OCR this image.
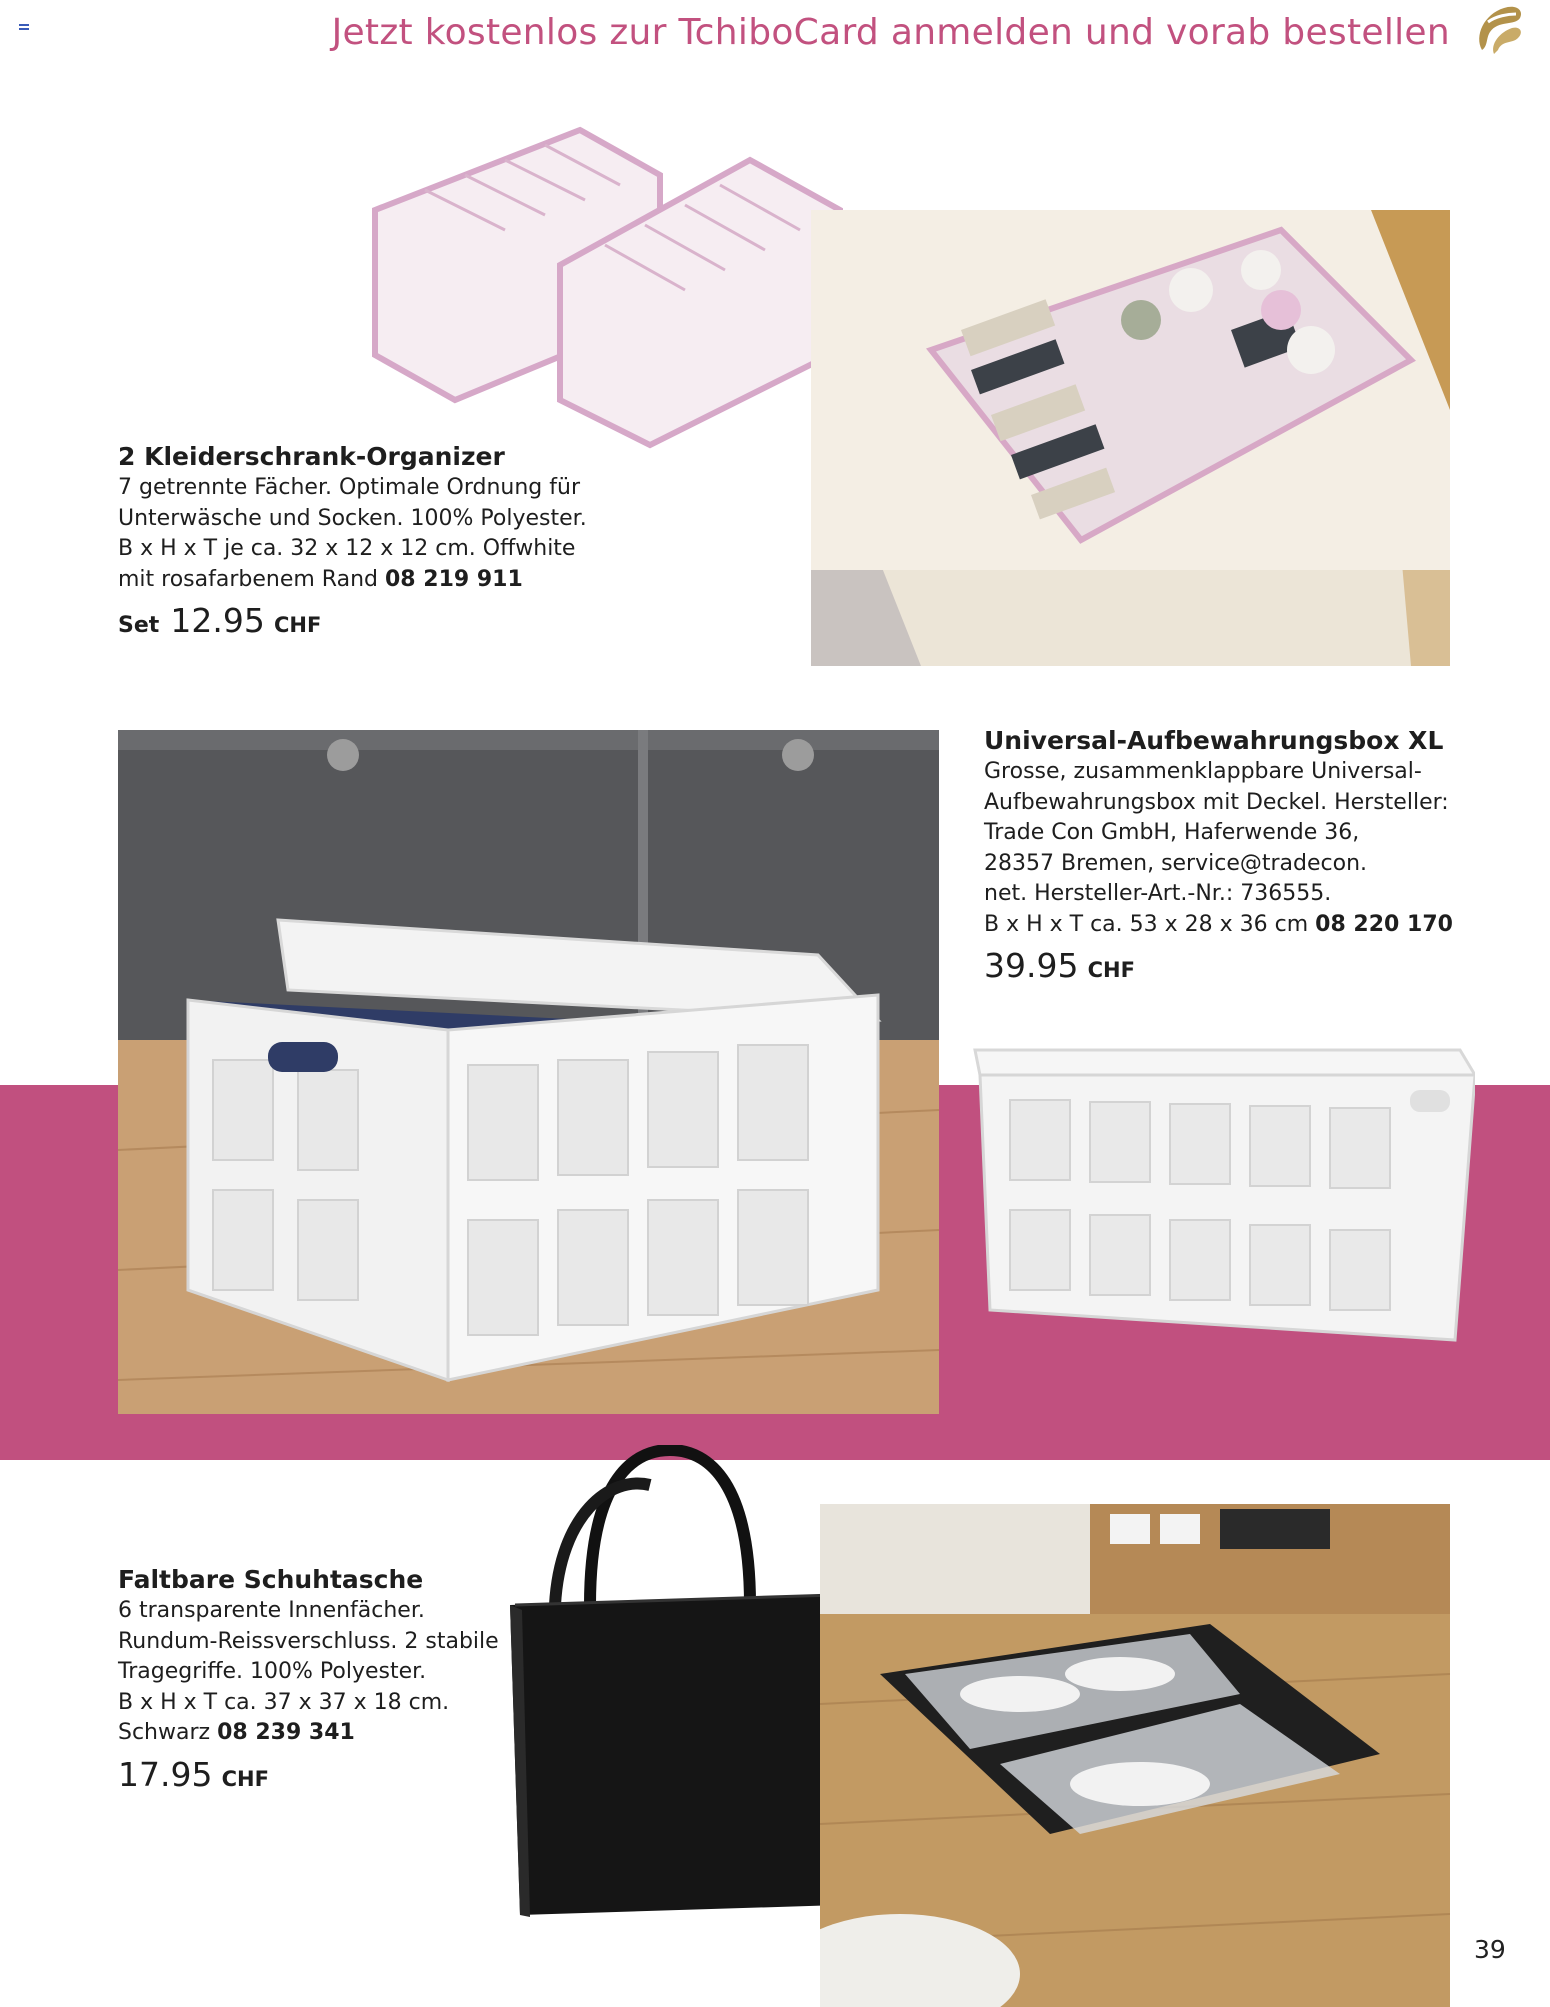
Jetzt kostenlos zur TchiboCard anmelden und vorab bestellen
2 Kleiderschrank-Organizer
7 getrennte Fächer. Optimale Ordnung für
Unterwäsche und Socken. 100% Polyester.
B x H x T je ca. 32 x 12 x 12 cm. Offwhite
mit rosafarbenem Rand 08 219 911
Set 12.95 CHF
Universal-Aufbewahrungsbox XL
Grosse, zusammenklappbare Universal-
Aufbewahrungsbox mit Deckel. Hersteller:
Trade Con GmbH, Haferwende 36,
28357 Bremen, service@tradecon.
net. Hersteller-Art.-Nr.: 736555.
B x H x T ca. 53 x 28 x 36 cm 08 220 170
39.95 CHF
Faltbare Schuhtasche
6 transparente Innenfächer.
Rundum-Reissverschluss. 2 stabile
Tragegriffe. 100% Polyester.
B x H x T ca. 37 x 37 x 18 cm.
Schwarz 08 239 341
17.95 CHF
39
